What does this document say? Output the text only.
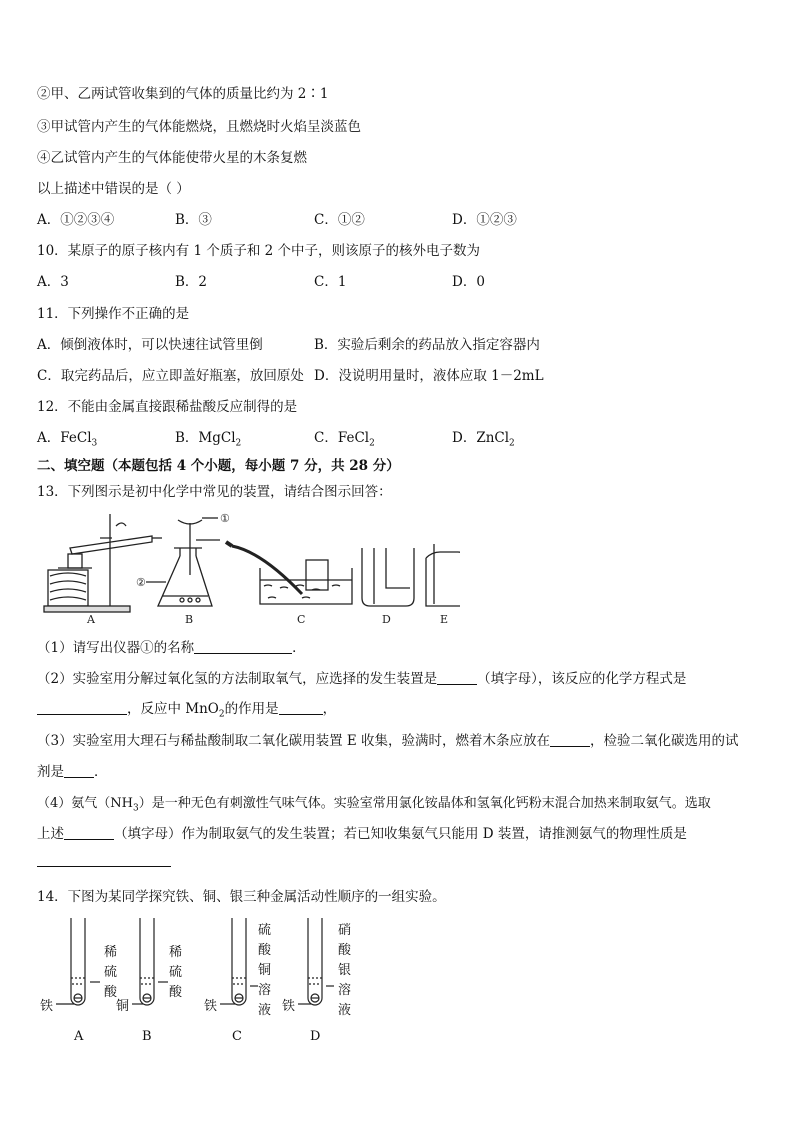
②甲、乙两试管收集到的气体的质量比约为 2∶1
③甲试管内产生的气体能燃烧，且燃烧时火焰呈淡蓝色
④乙试管内产生的气体能使带火星的木条复燃
以上描述中错误的是（ ）
A．①②③④	B．③	C．①②	D．①②③
10．某原子的原子核内有 1 个质子和 2 个中子，则该原子的核外电子数为
A．3	B．2	C．1	D．0
11．下列操作不正确的是
A．倾倒液体时，可以快速往试管里倒	B．实验后剩余的药品放入指定容器内
C．取完药品后，应立即盖好瓶塞，放回原处 D．没说明用量时，液体应取 1－2mL
12．不能由金属直接跟稀盐酸反应制得的是
A．FeCl$_3$	B．MgCl$_2$	C．FeCl$_2$	D．ZnCl$_2$
二、填空题（本题包括 4 个小题，每小题 7 分，共 28 分）
13．下列图示是初中化学中常见的装置，请结合图示回答：
①
②
A	B	C	D	E
（1）请写出仪器①的名称	．
（2）实验室用分解过氧化氢的方法制取氧气，应选择的发生装置是	（填字母），该反应的化学方程式是
，反应中 MnO$_2$的作用是	，
（3）实验室用大理石与稀盐酸制取二氧化碳用装置 E 收集，验满时，燃着木条应放在	，检验二氧化碳选用的试
剂是 ．
（4）氨气$(NH_3)$是一种无色有刺激性气味气体。实验室常用氯化铵晶体和氢氧化钙粉末混合加热来制取氨气。选取
上述	（填字母）作为制取氨气的发生装置；若已知收集氨气只能用 D 装置，请推测氨气的物理性质是
14．下图为某同学探究铁、铜、银三种金属活动性顺序的一组实验。
铁
稀
硫
酸
A
铜
稀
硫
酸
B
铁
硫
酸
铜
溶
液
C
铁
硝
酸
银
溶
液
D
